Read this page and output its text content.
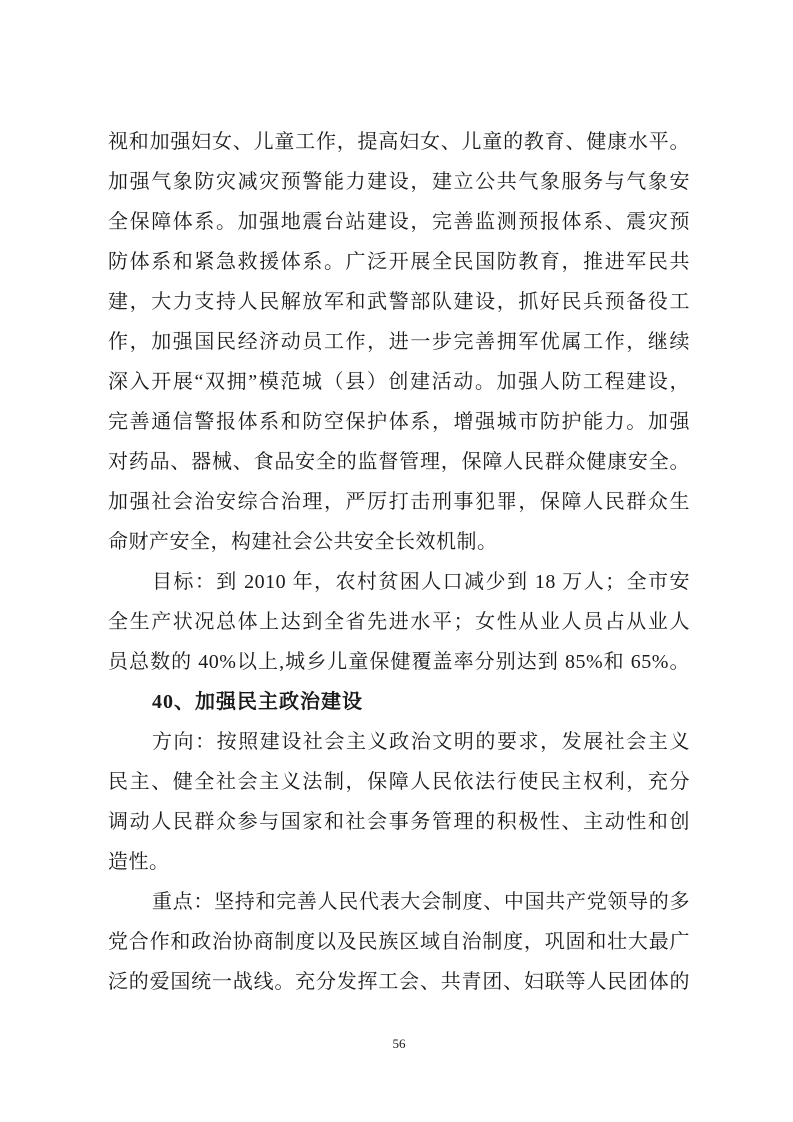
视和加强妇女、儿童工作，提高妇女、儿童的教育、健康水平。
加强气象防灾减灾预警能力建设，建立公共气象服务与气象安
全保障体系。加强地震台站建设，完善监测预报体系、震灾预
防体系和紧急救援体系。广泛开展全民国防教育，推进军民共
建，大力支持人民解放军和武警部队建设，抓好民兵预备役工
作，加强国民经济动员工作，进一步完善拥军优属工作，继续
深入开展“双拥”模范城（县）创建活动。加强人防工程建设，
完善通信警报体系和防空保护体系，增强城市防护能力。加强
对药品、器械、食品安全的监督管理，保障人民群众健康安全。
加强社会治安综合治理，严厉打击刑事犯罪，保障人民群众生
命财产安全，构建社会公共安全长效机制。
目标：到 2010 年，农村贫困人口减少到 18 万人；全市安
全生产状况总体上达到全省先进水平；女性从业人员占从业人
员总数的 40%以上,城乡儿童保健覆盖率分别达到 85%和 65%。
40、加强民主政治建设
方向：按照建设社会主义政治文明的要求，发展社会主义
民主、健全社会主义法制，保障人民依法行使民主权利，充分
调动人民群众参与国家和社会事务管理的积极性、主动性和创
造性。
重点：坚持和完善人民代表大会制度、中国共产党领导的多
党合作和政治协商制度以及民族区域自治制度，巩固和壮大最广
泛的爱国统一战线。充分发挥工会、共青团、妇联等人民团体的
56
